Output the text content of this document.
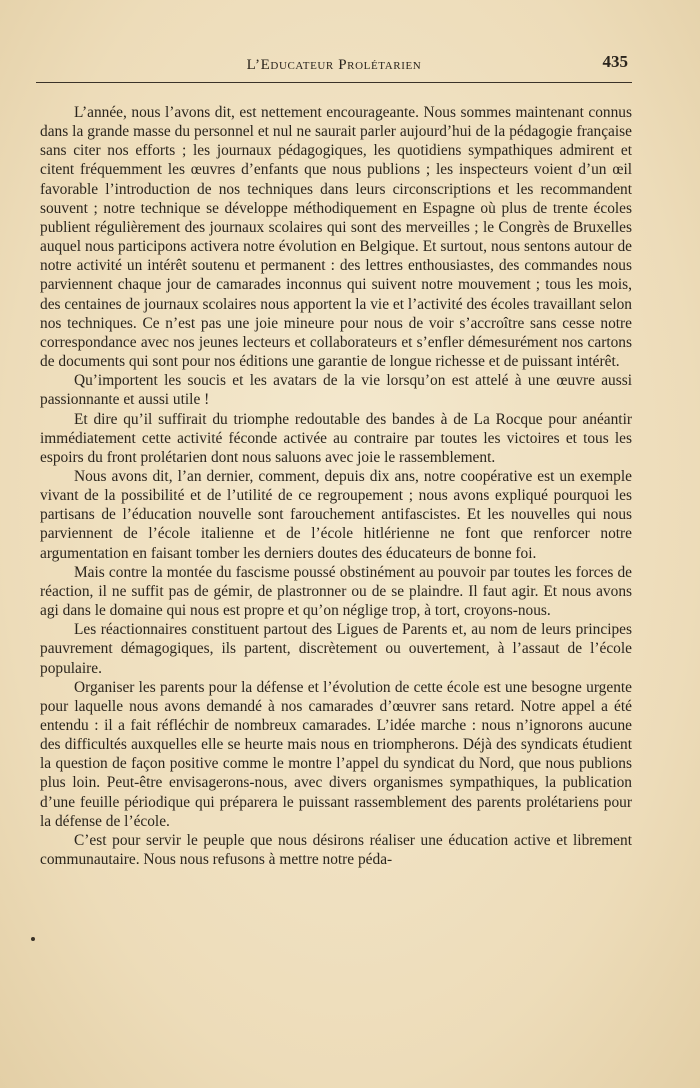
L’Educateur Prolétarien	435

L’année, nous l’avons dit, est nettement encourageante. Nous sommes maintenant connus dans la grande masse du personnel et nul ne saurait parler aujourd’hui de la pédagogie française sans citer nos efforts ; les journaux pédagogiques, les quotidiens sympathiques admirent et citent fréquemment les œuvres d’enfants que nous publions ; les inspecteurs voient d’un œil favorable l’introduction de nos techniques dans leurs circonscriptions et les recommandent souvent ; notre technique se développe méthodiquement en Espagne où plus de trente écoles publient régulièrement des journaux scolaires qui sont des merveilles ; le Congrès de Bruxelles auquel nous participons activera notre évolution en Belgique. Et surtout, nous sentons autour de notre activité un intérêt soutenu et permanent : des lettres enthousiastes, des commandes nous parviennent chaque jour de camarades inconnus qui suivent notre mouvement ; tous les mois, des centaines de journaux scolaires nous apportent la vie et l’activité des écoles travaillant selon nos techniques. Ce n’est pas une joie mineure pour nous de voir s’accroître sans cesse notre correspondance avec nos jeunes lecteurs et collaborateurs et s’enfler démesurément nos cartons de documents qui sont pour nos éditions une garantie de longue richesse et de puissant intérêt.

Qu’importent les soucis et les avatars de la vie lorsqu’on est attelé à une œuvre aussi passionnante et aussi utile !

Et dire qu’il suffirait du triomphe redoutable des bandes à de La Rocque pour anéantir immédiatement cette activité féconde activée au contraire par toutes les victoires et tous les espoirs du front prolétarien dont nous saluons avec joie le rassemblement.

Nous avons dit, l’an dernier, comment, depuis dix ans, notre coopérative est un exemple vivant de la possibilité et de l’utilité de ce regroupement ; nous avons expliqué pourquoi les partisans de l’éducation nouvelle sont farouchement antifascistes. Et les nouvelles qui nous parviennent de l’école italienne et de l’école hitlérienne ne font que renforcer notre argumentation en faisant tomber les derniers doutes des éducateurs de bonne foi.

Mais contre la montée du fascisme poussé obstinément au pouvoir par toutes les forces de réaction, il ne suffit pas de gémir, de plastronner ou de se plaindre. Il faut agir. Et nous avons agi dans le domaine qui nous est propre et qu’on néglige trop, à tort, croyons-nous.

Les réactionnaires constituent partout des Ligues de Parents et, au nom de leurs principes pauvrement démagogiques, ils partent, discrètement ou ouvertement, à l’assaut de l’école populaire.

Organiser les parents pour la défense et l’évolution de cette école est une besogne urgente pour laquelle nous avons demandé à nos camarades d’œuvrer sans retard. Notre appel a été entendu : il a fait réfléchir de nombreux camarades. L’idée marche : nous n’ignorons aucune des difficultés auxquelles elle se heurte mais nous en triompherons. Déjà des syndicats étudient la question de façon positive comme le montre l’appel du syndicat du Nord, que nous publions plus loin. Peut-être envisagerons-nous, avec divers organismes sympathiques, la publication d’une feuille périodique qui préparera le puissant rassemblement des parents prolétariens pour la défense de l’école.

C’est pour servir le peuple que nous désirons réaliser une éducation active et librement communautaire. Nous nous refusons à mettre notre péda-
